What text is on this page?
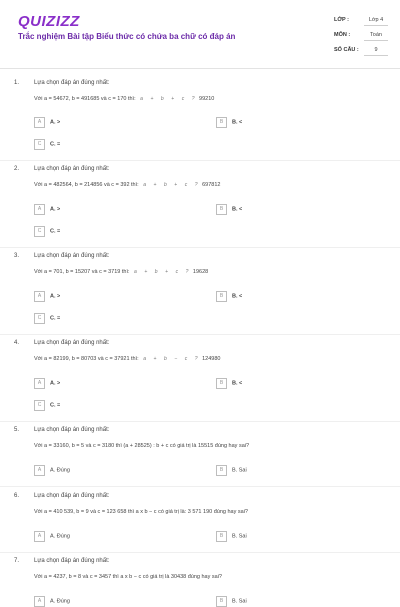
QUIZIZZ
Trắc nghiệm Bài tập Biểu thức có chứa ba chữ có đáp án
LỚP :	Lớp 4
MÔN :	Toán
SỐ CÂU :	9
1. Lựa chọn đáp án đúng nhất:
Với a = 54672, b = 491685 và c = 170 thì: a + b + c ? 99210
A A. >	B B. <
C C. =
2. Lựa chọn đáp án đúng nhất:
Với a = 482564, b = 214856 và c = 392 thì: a + b + c ? 697812
A A. >	B B. <
C C. =
3. Lựa chọn đáp án đúng nhất:
Với a = 701, b = 15207 và c = 3719 thì: a + b + c ? 19628
A A. >	B B. <
C C. =
4. Lựa chọn đáp án đúng nhất:
Với a = 82199, b = 80703 và c = 37921 thì: a + b − c ? 124980
A A. >	B B. <
C C. =
5. Lựa chọn đáp án đúng nhất:
Với a = 33160, b = 5 và c = 3180 thì (a + 28525) : b + c có giá trị là 15515 đúng hay sai?
A A. Đúng	B B. Sai
6. Lựa chọn đáp án đúng nhất:
Với a = 410 539, b = 9 và c = 123 658 thì a x b − c có giá trị là: 3 571 190 đúng hay sai?
A A. Đúng	B B. Sai
7. Lựa chọn đáp án đúng nhất:
Với a = 4237, b = 8 và c = 3457 thì a x b − c có giá trị là 30438 đúng hay sai?
A A. Đúng	B B. Sai
